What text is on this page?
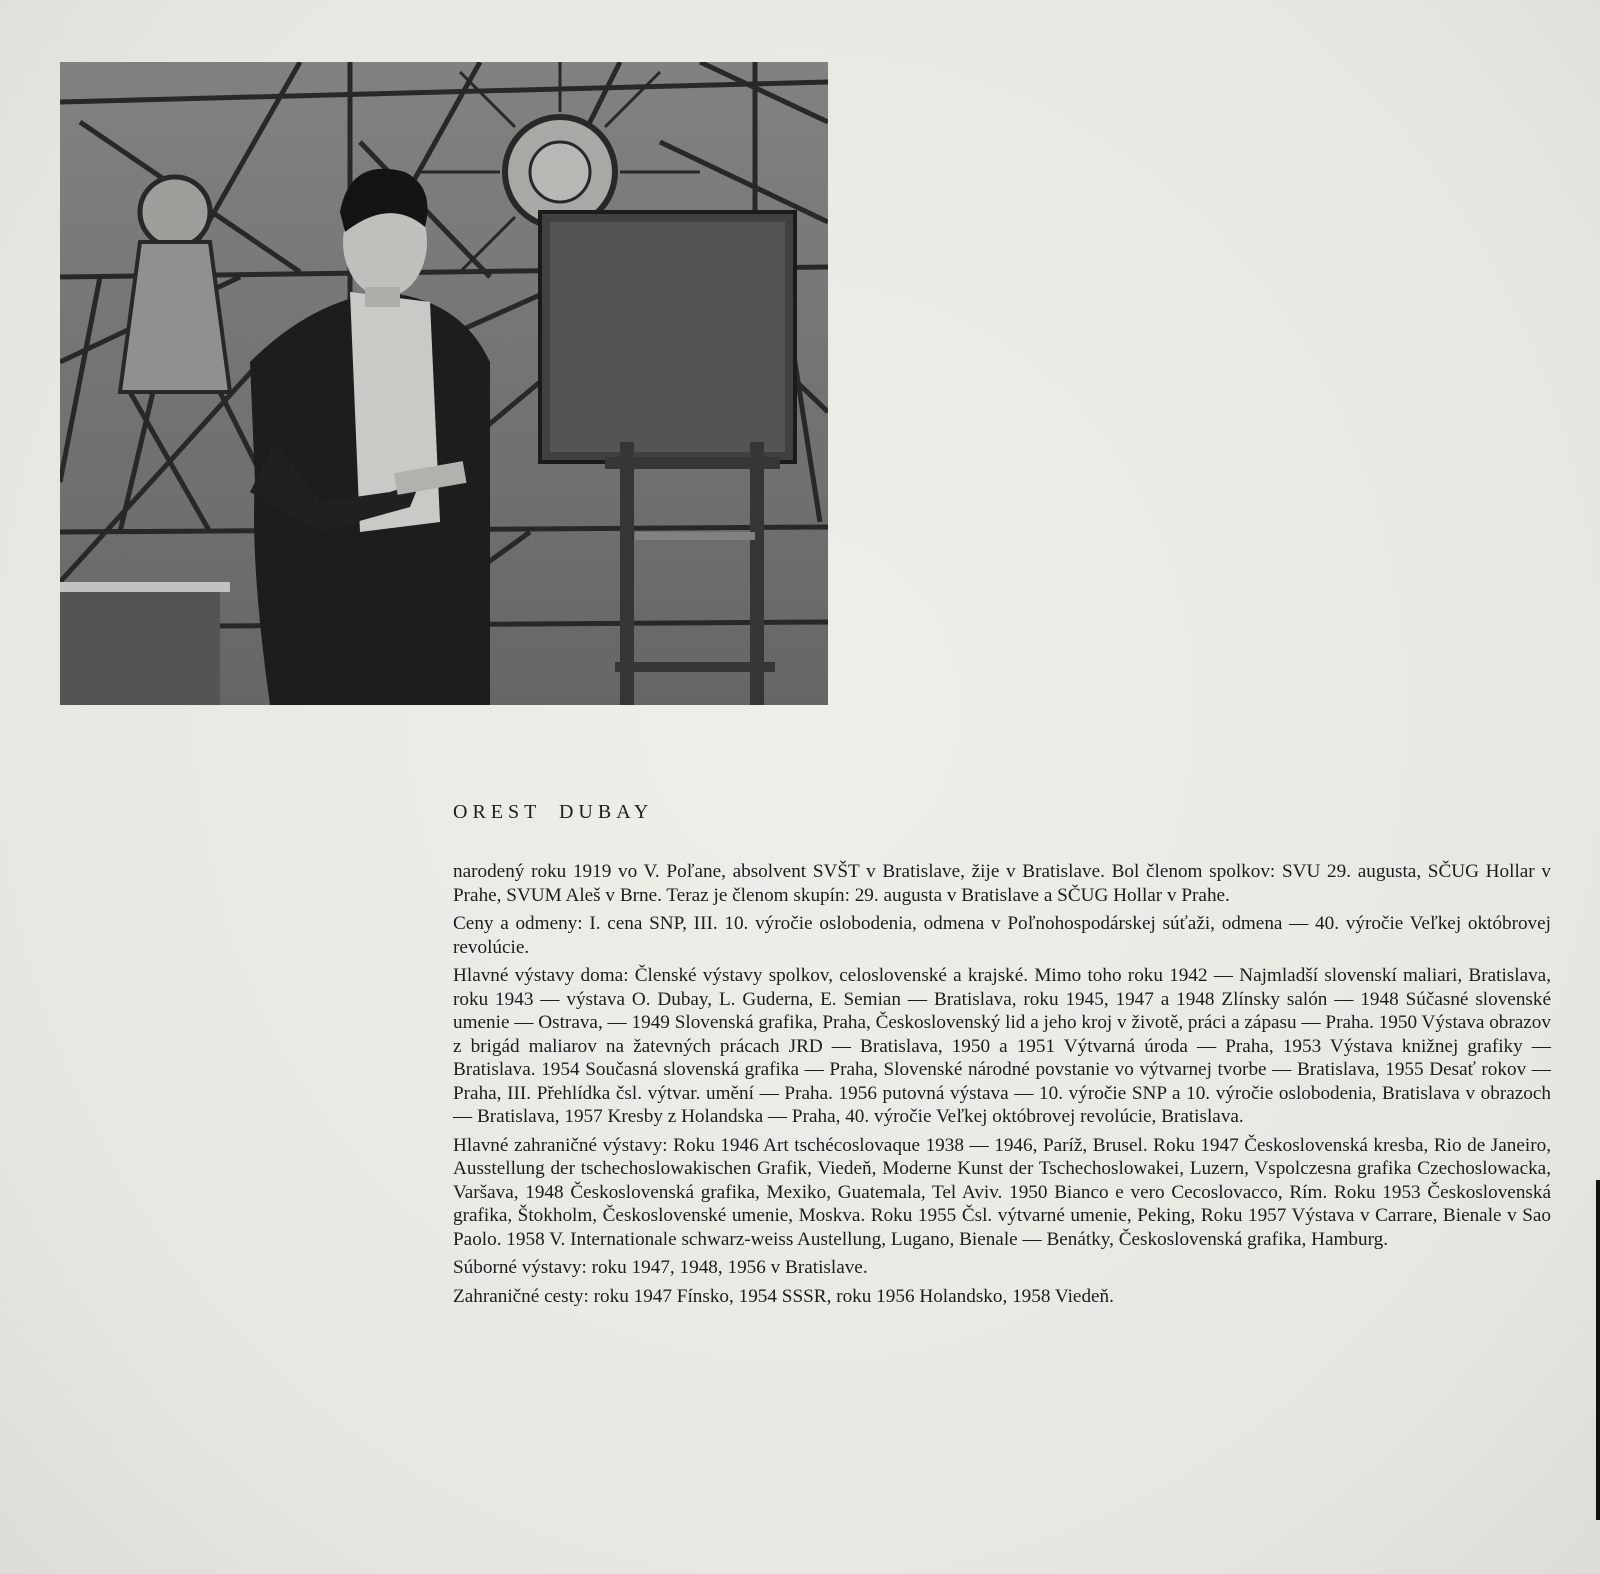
OREST DUBAY

narodený roku 1919 vo V. Poľane, absolvent SVŠT v Bratislave, žije v Bratislave. Bol členom spolkov: SVU 29. augusta, SČUG Hollar v Prahe, SVUM Aleš v Brne. Teraz je členom skupín: 29. augusta v Bratislave a SČUG Hollar v Prahe.

Ceny a odmeny: I. cena SNP, III. 10. výročie oslobodenia, odmena v Poľnohospodárskej súťaži, odmena — 40. výročie Veľkej októbrovej revolúcie.

Hlavné výstavy doma: Členské výstavy spolkov, celoslovenské a krajské. Mimo toho roku 1942 — Najmladší slovenskí maliari, Bratislava, roku 1943 — výstava O. Dubay, L. Guderna, E. Semian — Bratislava, roku 1945, 1947 a 1948 Zlínsky salón — 1948 Súčasné slovenské umenie — Ostrava, — 1949 Slovenská grafika, Praha, Československý lid a jeho kroj v životě, práci a zápasu — Praha. 1950 Výstava obrazov z brigád maliarov na žatevných prácach JRD — Bratislava, 1950 a 1951 Výtvarná úroda — Praha, 1953 Výstava knižnej grafiky — Bratislava. 1954 Současná slovenská grafika — Praha, Slovenské národné povstanie vo výtvarnej tvorbe — Bratislava, 1955 Desať rokov — Praha, III. Přehlídka čsl. výtvar. umění — Praha. 1956 putovná výstava — 10. výročie SNP a 10. výročie oslobodenia, Bratislava v obrazoch — Bratislava, 1957 Kresby z Holandska — Praha, 40. výročie Veľkej októbrovej revolúcie, Bratislava.

Hlavné zahraničné výstavy: Roku 1946 Art tschécoslovaque 1938 — 1946, Paríž, Brusel. Roku 1947 Československá kresba, Rio de Janeiro, Ausstellung der tschechoslowakischen Grafik, Viedeň, Moderne Kunst der Tschechoslowakei, Luzern, Vspolczesna grafika Czechoslowacka, Varšava, 1948 Československá grafika, Mexiko, Guatemala, Tel Aviv. 1950 Bianco e vero Cecoslovacco, Rím. Roku 1953 Československá grafika, Štokholm, Československé umenie, Moskva. Roku 1955 Čsl. výtvarné umenie, Peking, Roku 1957 Výstava v Carrare, Bienale v Sao Paolo. 1958 V. Internationale schwarz-weiss Austellung, Lugano, Bienale — Benátky, Československá grafika, Hamburg.

Súborné výstavy: roku 1947, 1948, 1956 v Bratislave.

Zahraničné cesty: roku 1947 Fínsko, 1954 SSSR, roku 1956 Holandsko, 1958 Viedeň.
